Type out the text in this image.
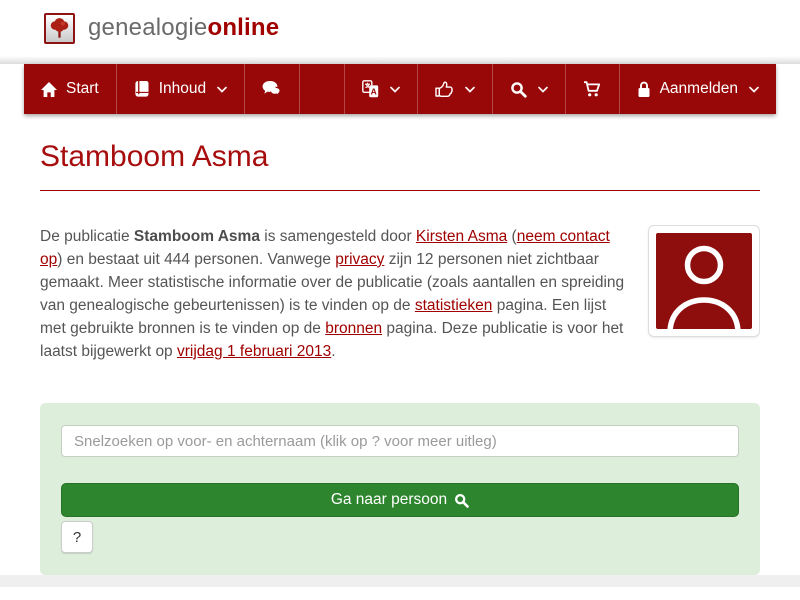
genealogieonline
Start	Inhoud	A	Aanmelden
Stamboom Asma

De publicatie Stamboom Asma is samengesteld door Kirsten Asma (neem contact op) en bestaat uit 444 personen. Vanwege privacy zijn 12 personen niet zichtbaar gemaakt. Meer statistische informatie over de publicatie (zoals aantallen en spreiding van genealogische gebeurtenissen) is te vinden op de statistieken pagina. Een lijst met gebruikte bronnen is te vinden op de bronnen pagina. Deze publicatie is voor het laatst bijgewerkt op vrijdag 1 februari 2013.

Snelzoeken op voor- en achternaam (klik op ? voor meer uitleg)
Ga naar persoon
?
